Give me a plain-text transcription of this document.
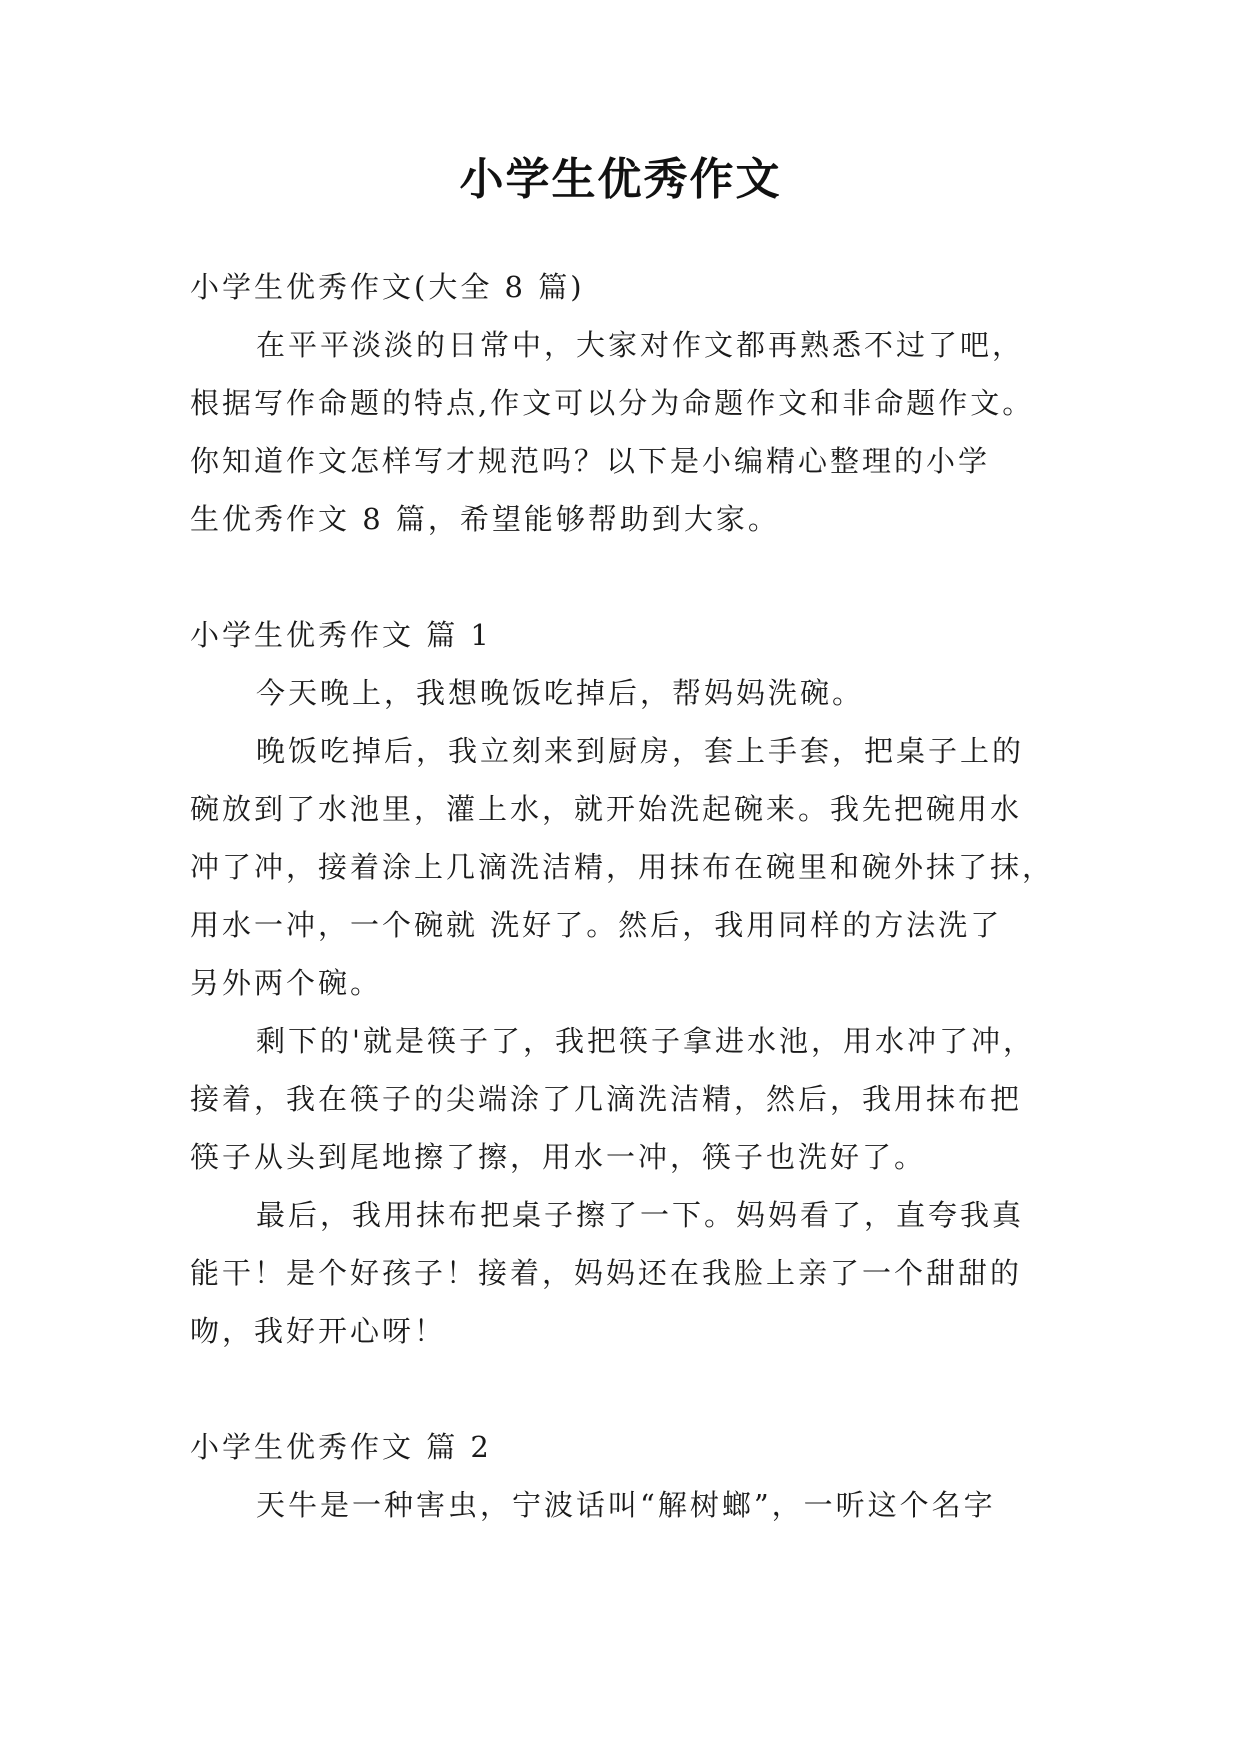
小学生优秀作文
小学生优秀作文(大全 8 篇)
在平平淡淡的日常中，大家对作文都再熟悉不过了吧，
根据写作命题的特点,作文可以分为命题作文和非命题作文。
你知道作文怎样写才规范吗？以下是小编精心整理的小学
生优秀作文 8 篇，希望能够帮助到大家。
小学生优秀作文 篇 1
今天晚上，我想晚饭吃掉后，帮妈妈洗碗。
晚饭吃掉后，我立刻来到厨房，套上手套，把桌子上的
碗放到了水池里，灌上水，就开始洗起碗来。我先把碗用水
冲了冲，接着涂上几滴洗洁精，用抹布在碗里和碗外抹了抹，
用水一冲，一个碗就 洗好了。然后，我用同样的方法洗了
另外两个碗。
剩下的'就是筷子了，我把筷子拿进水池，用水冲了冲，
接着，我在筷子的尖端涂了几滴洗洁精，然后，我用抹布把
筷子从头到尾地擦了擦，用水一冲，筷子也洗好了。
最后，我用抹布把桌子擦了一下。妈妈看了，直夸我真
能干！是个好孩子！接着，妈妈还在我脸上亲了一个甜甜的
吻，我好开心呀！
小学生优秀作文 篇 2
天牛是一种害虫，宁波话叫“解树螂”，一听这个名字
